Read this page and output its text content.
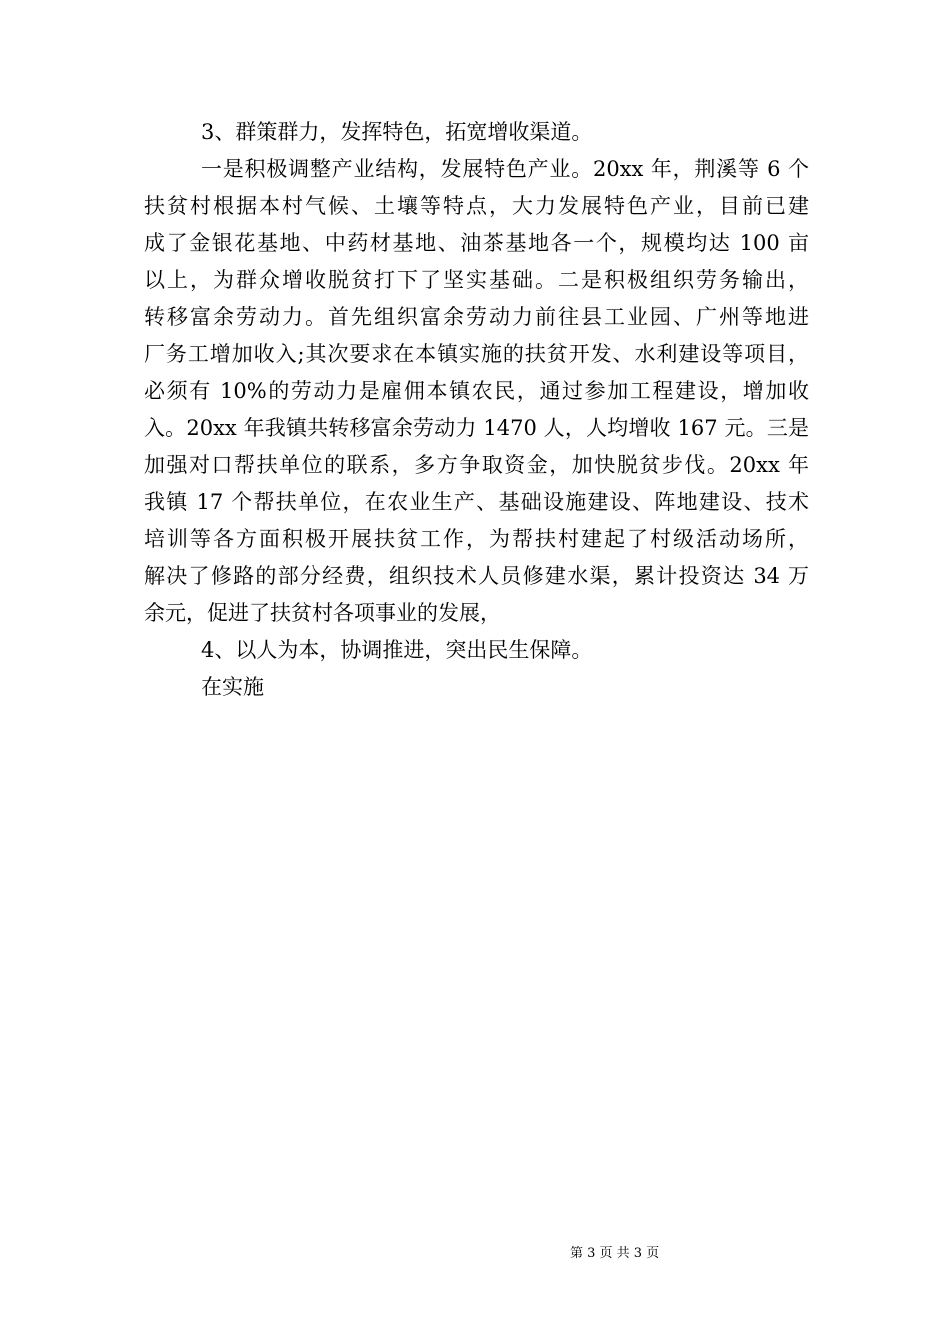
3、群策群力，发挥特色，拓宽增收渠道。
一是积极调整产业结构，发展特色产业。20xx 年，荆溪等 6 个
扶贫村根据本村气候、土壤等特点，大力发展特色产业，目前已建
成了金银花基地、中药材基地、油茶基地各一个，规模均达 100 亩
以上，为群众增收脱贫打下了坚实基础。二是积极组织劳务输出，
转移富余劳动力。首先组织富余劳动力前往县工业园、广州等地进
厂务工增加收入;其次要求在本镇实施的扶贫开发、水利建设等项目，
必须有 10%的劳动力是雇佣本镇农民，通过参加工程建设，增加收
入。20xx 年我镇共转移富余劳动力 1470 人，人均增收 167 元。三是
加强对口帮扶单位的联系，多方争取资金，加快脱贫步伐。20xx 年
我镇 17 个帮扶单位，在农业生产、基础设施建设、阵地建设、技术
培训等各方面积极开展扶贫工作，为帮扶村建起了村级活动场所，
解决了修路的部分经费，组织技术人员修建水渠，累计投资达 34 万
余元，促进了扶贫村各项事业的发展，
4、以人为本，协调推进，突出民生保障。
在实施
第 3 页 共 3 页
